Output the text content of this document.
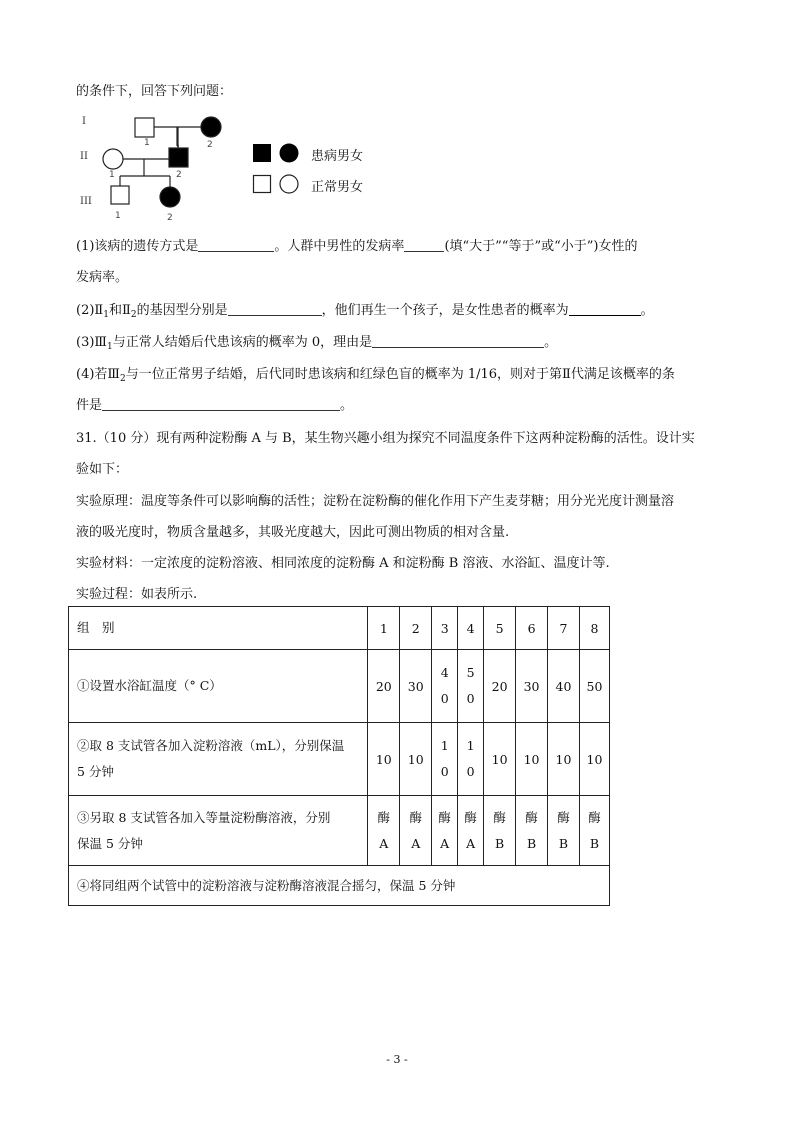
的条件下，回答下列问题：
I
II
III
1	2
1	2
1	2
患病男女
正常男女
(1)该病的遗传方式是	。人群中男性的发病率	(填“大于”“等于”或“小于”)女性的
发病率。
$(2)Ⅱ_1$和$Ⅱ_2$的基因型分别是	，他们再生一个孩子，是女性患者的概率为	。
$(3)Ⅲ_1$与正常人结婚后代患该病的概率为 0，理由是	。
(4)若$Ⅲ_2$与一位正常男子结婚，后代同时患该病和红绿色盲的概率为 1/16，则对于第Ⅱ代满足该概率的条
件是	。
31.（10 分）现有两种淀粉酶 A 与 B，某生物兴趣小组为探究不同温度条件下这两种淀粉酶的活性。设计实
验如下：
实验原理：温度等条件可以影响酶的活性；淀粉在淀粉酶的催化作用下产生麦芽糖；用分光光度计测量溶
液的吸光度时，物质含量越多，其吸光度越大，因此可测出物质的相对含量.
实验材料：一定浓度的淀粉溶液、相同浓度的淀粉酶 A 和淀粉酶 B 溶液、水浴缸、温度计等.
实验过程：如表所示.
组　别	1	2	3	4	5	6	7	8
①设置水浴缸温度（° C）	20	30	40	50	20	30	40	50

②取 8 支试管各加入淀粉溶液（mL），分别保温
5 分钟	10	10	10	10	10	10	10	10

③另取 8 支试管各加入等量淀粉酶溶液，分别
保温 5 分钟	酶A	酶A	酶A	酶A	酶B	酶B	酶B	酶B
④将同组两个试管中的淀粉溶液与淀粉酶溶液混合摇匀，保温 5 分钟								
- 3 -
